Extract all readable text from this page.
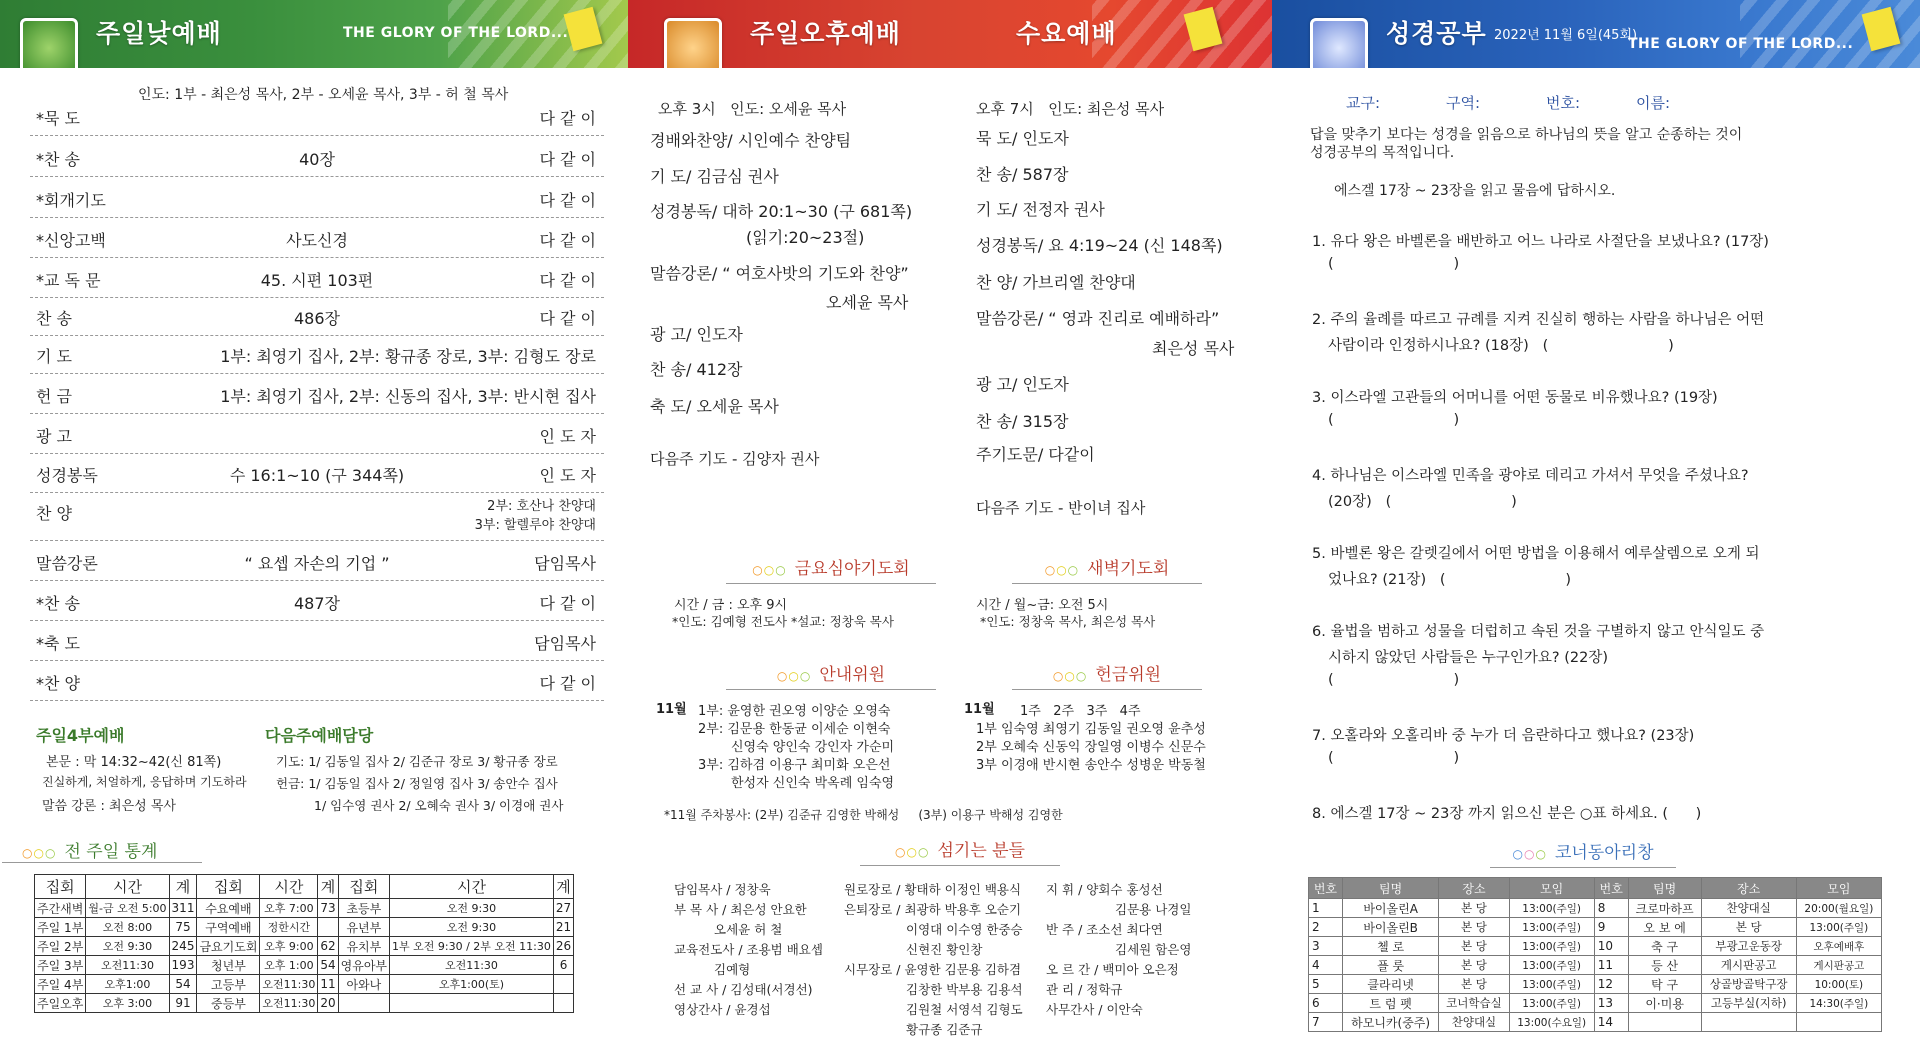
주일낮예배	THE GLORY OF THE LORD...
인도: 1부 - 최은성 목사, 2부 - 오세윤 목사, 3부 - 허 철 목사
*묵 도	다 같 이
*찬 송	40장	다 같 이
*회개기도	다 같 이
*신앙고백	사도신경	다 같 이
*교 독 문	45. 시편 103편	다 같 이
찬 송	486장	다 같 이
기 도	1부: 최영기 집사, 2부: 황규종 장로, 3부: 김형도 장로
헌 금	1부: 최영기 집사, 2부: 신동의 집사, 3부: 반시현 집사
광 고	인 도 자
성경봉독	수 16:1~10 (구 344쪽)	인 도 자
찬 양	2부: 호산나 찬양대
3부: 할렐루야 찬양대
말씀강론	“ 요셉 자손의 기업 ”	담임목사
*찬 송	487장	다 같 이
*축 도	담임목사
*찬 양	다 같 이
주일4부예배
본문 : 막 14:32~42(신 81쪽)
진실하게, 처얼하게, 응답하며 기도하라
말씀 강론 : 최은성 목사
다음주예배담당
기도: 1/ 김동일 집사 2/ 김준규 장로 3/ 황규종 장로
헌금: 1/ 김동일 집사 2/ 정일영 집사 3/ 송안수 집사
1/ 임수영 권사 2/ 오혜숙 권사 3/ 이경애 권사
○○○ 전 주일 통계
집회	시간	계	집회	시간	계	집회	시간	계
주간새벽	월-금 오전 5:00	311	수요예배	오후 7:00	73	초등부	오전 9:30	27
주일 1부	오전 8:00	75	구역예배	정한시간		유년부	오전 9:30	21
주일 2부	오전 9:30	245	금요기도회	오후 9:00	62	유치부	1부 오전 9:30 / 2부 오전 11:30	26
주일 3부	오전11:30	193	청년부	오후 1:00	54	영유아부	오전11:30	6
주일 4부	오후1:00	54	고등부	오전11:30	11	아와나	오후1:00(토)	
주일오후	오후 3:00	91	중등부	오전11:30	20			
주일오후예배	수요예배
오후 3시   인도: 오세윤 목사
경배와찬양/ 시인예수 찬양팀
기 도/ 김금심 권사
성경봉독/ 대하 20:1~30 (구 681쪽)
(읽기:20~23절)
말씀강론/ “ 여호사밧의 기도와 찬양”
오세윤 목사
광 고/ 인도자
찬 송/ 412장
축 도/ 오세윤 목사
다음주 기도 - 김양자 권사
오후 7시   인도: 최은성 목사
묵 도/ 인도자
찬 송/ 587장
기 도/ 전정자 권사
성경봉독/ 요 4:19~24 (신 148쪽)
찬 양/ 가브리엘 찬양대
말씀강론/ “ 영과 진리로 예배하라”
최은성 목사
광 고/ 인도자
찬 송/ 315장
주기도문/ 다같이
다음주 기도 - 반이녀 집사
○○○ 금요심야기도회
시간 / 금 : 오후 9시
*인도: 김예형 전도사 *설교: 정창욱 목사
○○○ 새벽기도회
시간 / 월~금: 오전 5시
*인도: 정창욱 목사, 최은성 목사
○○○ 안내위원
11월 1부: 윤영한 권오영 이양순 오영숙
2부: 김문용 한동균 이세순 이현숙
신영숙 양인숙 강인자 가순미
3부: 김하겸 이용구 최미화 오은선
한성자 신인숙 박옥례 임숙영
○○○ 헌금위원
11월 1주   2주   3주   4주
1부 임숙영 최영기 김동일 권오영 윤추성
2부 오혜숙 신동익 장일영 이병수 신문수
3부 이경애 반시현 송안수 성병운 박동철
*11월 주차봉사: (2부) 김준규 김영한 박해성     (3부) 이용구 박해성 김영한
○○○ 섬기는 분들
담임목사 / 정창욱
부 목 사 / 최은성 안요한
오세윤 허 철
교육전도사 / 조용범 배요셉
김예형
선 교 사 / 김성태(서경선)
영상간사 / 윤경섭
원로장로 / 황태하 이정인 백용식
은퇴장로 / 최광하 박용후 오순기
이영대 이수영 한중승
신현진 황인창
시무장로 / 윤영한 김문용 김하겸
김창한 박부용 김용석
김원철 서영석 김형도
황규종 김준규
지 휘 / 양회수 홍성선
김문용 나경일
반 주 / 조소선 최다연
김세원 함은영
오 르 간 / 백미아 오은정
관 리 / 정학규
사무간사 / 이안숙
성경공부 2022년 11월 6일(45회)
THE GLORY OF THE LORD...
교구:	구역:	번호:	이름:
답을 맞추기 보다는 성경을 읽음으로 하나님의 뜻을 알고 순종하는 것이
성경공부의 목적입니다.
에스겔 17장 ~ 23장을 읽고 물음에 답하시오.
1. 유다 왕은 바벨론을 배반하고 어느 나라로 사절단을 보냈나요? (17장)
(                          )
2. 주의 율례를 따르고 규례를 지켜 진실히 행하는 사람을 하나님은 어떤
사람이라 인정하시나요? (18장)   (                          )
3. 이스라엘 고관들의 어머니를 어떤 동물로 비유했나요? (19장)
(                          )
4. 하나님은 이스라엘 민족을 광야로 데리고 가셔서 무엇을 주셨나요?
(20장)   (                          )
5. 바벨론 왕은 갈렛길에서 어떤 방법을 이용해서 예루살렘으로 오게 되
었나요? (21장)   (                          )
6. 율법을 범하고 성물을 더럽히고 속된 것을 구별하지 않고 안식일도 중
시하지 않았던 사람들은 누구인가요? (22장)
(                          )
7. 오홀라와 오홀리바 중 누가 더 음란하다고 했나요? (23장)
(                          )
8. 에스겔 17장 ~ 23장 까지 읽으신 분은 ○표 하세요. (      )
○○○ 코너동아리창
번호	팀명	장소	모임	번호	팀명	장소	모임
1	바이올린A	본 당	13:00(주일)	8	크로마하프	찬양대실	20:00(월요일)
2	바이올린B	본 당	13:00(주일)	9	오 보 에	본 당	13:00(주일)
3	첼 로	본 당	13:00(주일)	10	축 구	부광고운동장	오후예배후
4	플 룻	본 당	13:00(주일)	11	등 산	게시판공고	게시판공고
5	클라리넷	본 당	13:00(주일)	12	탁 구	상골방골탁구장	10:00(토)
6	트 럼 펫	코너학습실	13:00(주일)	13	이·미용	고등부실(지하)	14:30(주일)
7	하모니카(중주)	찬양대실	13:00(수요일)	14			
